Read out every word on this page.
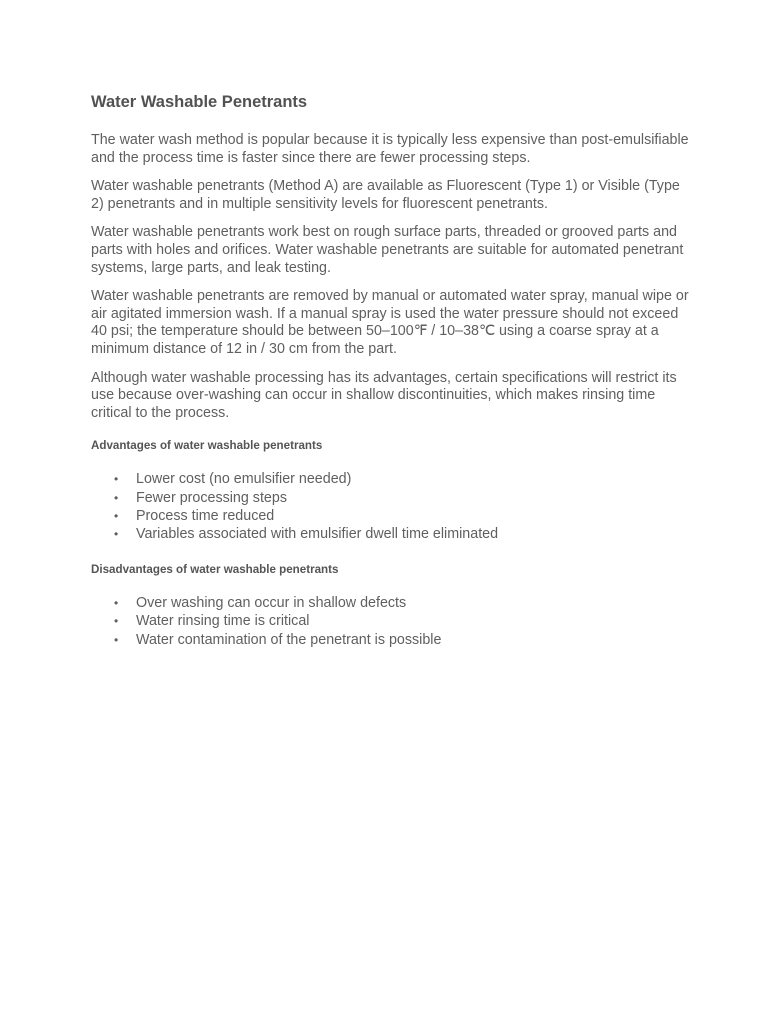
Water Washable Penetrants

The water wash method is popular because it is typically less expensive than post-emulsifiable and the process time is faster since there are fewer processing steps.

Water washable penetrants (Method A) are available as Fluorescent (Type 1) or Visible (Type 2) penetrants and in multiple sensitivity levels for fluorescent penetrants.

Water washable penetrants work best on rough surface parts, threaded or grooved parts and parts with holes and orifices. Water washable penetrants are suitable for automated penetrant systems, large parts, and leak testing.

Water washable penetrants are removed by manual or automated water spray, manual wipe or air agitated immersion wash. If a manual spray is used the water pressure should not exceed 40 psi; the temperature should be between 50–100℉ / 10–38℃ using a coarse spray at a minimum distance of 12 in / 30 cm from the part.

Although water washable processing has its advantages, certain specifications will restrict its use because over-washing can occur in shallow discontinuities, which makes rinsing time critical to the process.

Advantages of water washable penetrants
• Lower cost (no emulsifier needed)
• Fewer processing steps
• Process time reduced
• Variables associated with emulsifier dwell time eliminated
Disadvantages of water washable penetrants
• Over washing can occur in shallow defects
• Water rinsing time is critical
• Water contamination of the penetrant is possible
